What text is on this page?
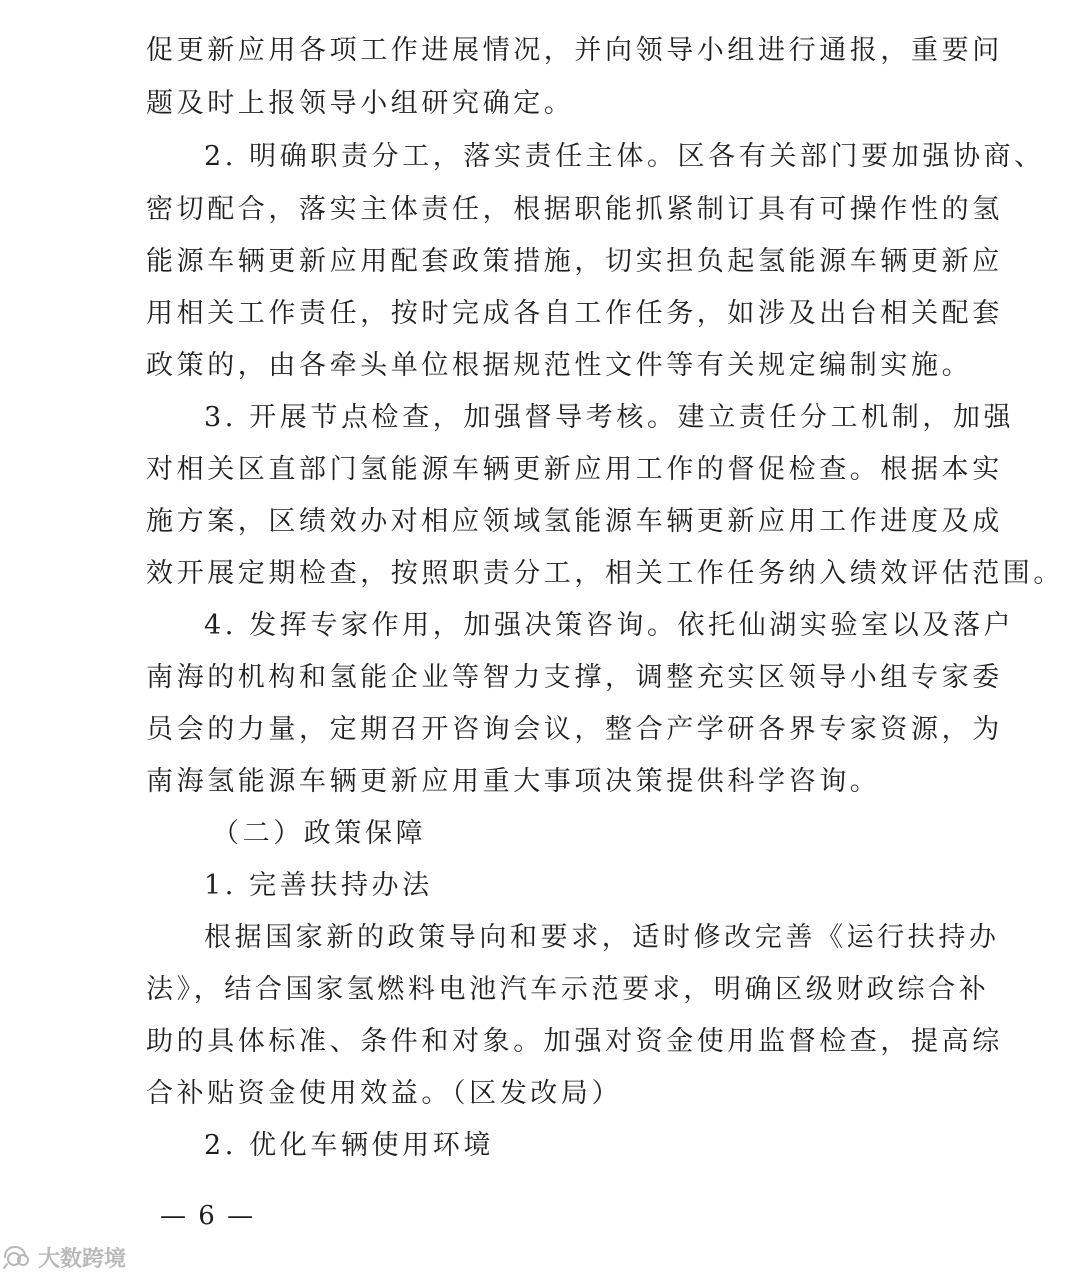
促更新应用各项工作进展情况，并向领导小组进行通报，重要问
题及时上报领导小组研究确定。
2. 明确职责分工，落实责任主体。区各有关部门要加强协商、
密切配合，落实主体责任，根据职能抓紧制订具有可操作性的氢
能源车辆更新应用配套政策措施，切实担负起氢能源车辆更新应
用相关工作责任，按时完成各自工作任务，如涉及出台相关配套
政策的，由各牵头单位根据规范性文件等有关规定编制实施。
3. 开展节点检查，加强督导考核。建立责任分工机制，加强
对相关区直部门氢能源车辆更新应用工作的督促检查。根据本实
施方案，区绩效办对相应领域氢能源车辆更新应用工作进度及成
效开展定期检查，按照职责分工，相关工作任务纳入绩效评估范围。
4. 发挥专家作用，加强决策咨询。依托仙湖实验室以及落户
南海的机构和氢能企业等智力支撑，调整充实区领导小组专家委
员会的力量，定期召开咨询会议，整合产学研各界专家资源，为
南海氢能源车辆更新应用重大事项决策提供科学咨询。
（二）政策保障
1. 完善扶持办法
根据国家新的政策导向和要求，适时修改完善《运行扶持办
法》，结合国家氢燃料电池汽车示范要求，明确区级财政综合补
助的具体标准、条件和对象。加强对资金使用监督检查，提高综
合补贴资金使用效益。（区发改局）
2. 优化车辆使用环境
— 6 —
大数跨境
